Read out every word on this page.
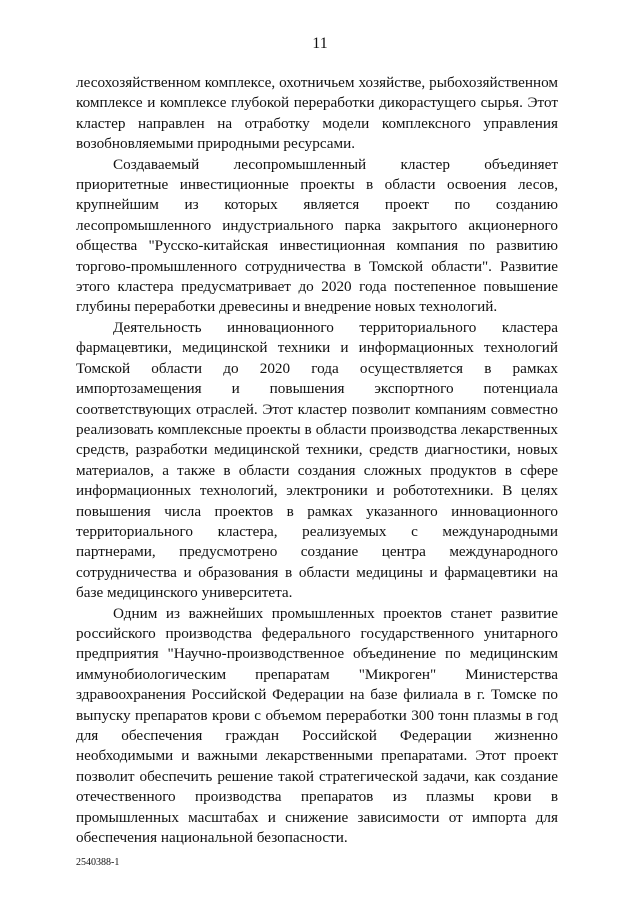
11

лесохозяйственном комплексе, охотничьем хозяйстве, рыбохозяйственном комплексе и комплексе глубокой переработки дикорастущего сырья. Этот кластер направлен на отработку модели комплексного управления возобновляемыми природными ресурсами.

Создаваемый лесопромышленный кластер объединяет приоритетные инвестиционные проекты в области освоения лесов, крупнейшим из которых является проект по созданию лесопромышленного индустриального парка закрытого акционерного общества "Русско-китайская инвестиционная компания по развитию торгово-промышленного сотрудничества в Томской области". Развитие этого кластера предусматривает до 2020 года постепенное повышение глубины переработки древесины и внедрение новых технологий.

Деятельность инновационного территориального кластера фармацевтики, медицинской техники и информационных технологий Томской области до 2020 года осуществляется в рамках импортозамещения и повышения экспортного потенциала соответствующих отраслей. Этот кластер позволит компаниям совместно реализовать комплексные проекты в области производства лекарственных средств, разработки медицинской техники, средств диагностики, новых материалов, а также в области создания сложных продуктов в сфере информационных технологий, электроники и робототехники. В целях повышения числа проектов в рамках указанного инновационного территориального кластера, реализуемых с международными партнерами, предусмотрено создание центра международного сотрудничества и образования в области медицины и фармацевтики на базе медицинского университета.

Одним из важнейших промышленных проектов станет развитие российского производства федерального государственного унитарного предприятия "Научно-производственное объединение по медицинским иммунобиологическим препаратам "Микроген" Министерства здравоохранения Российской Федерации на базе филиала в г. Томске по выпуску препаратов крови с объемом переработки 300 тонн плазмы в год для обеспечения граждан Российской Федерации жизненно необходимыми и важными лекарственными препаратами. Этот проект позволит обеспечить решение такой стратегической задачи, как создание отечественного производства препаратов из плазмы крови в промышленных масштабах и снижение зависимости от импорта для обеспечения национальной безопасности.

2540388-1
